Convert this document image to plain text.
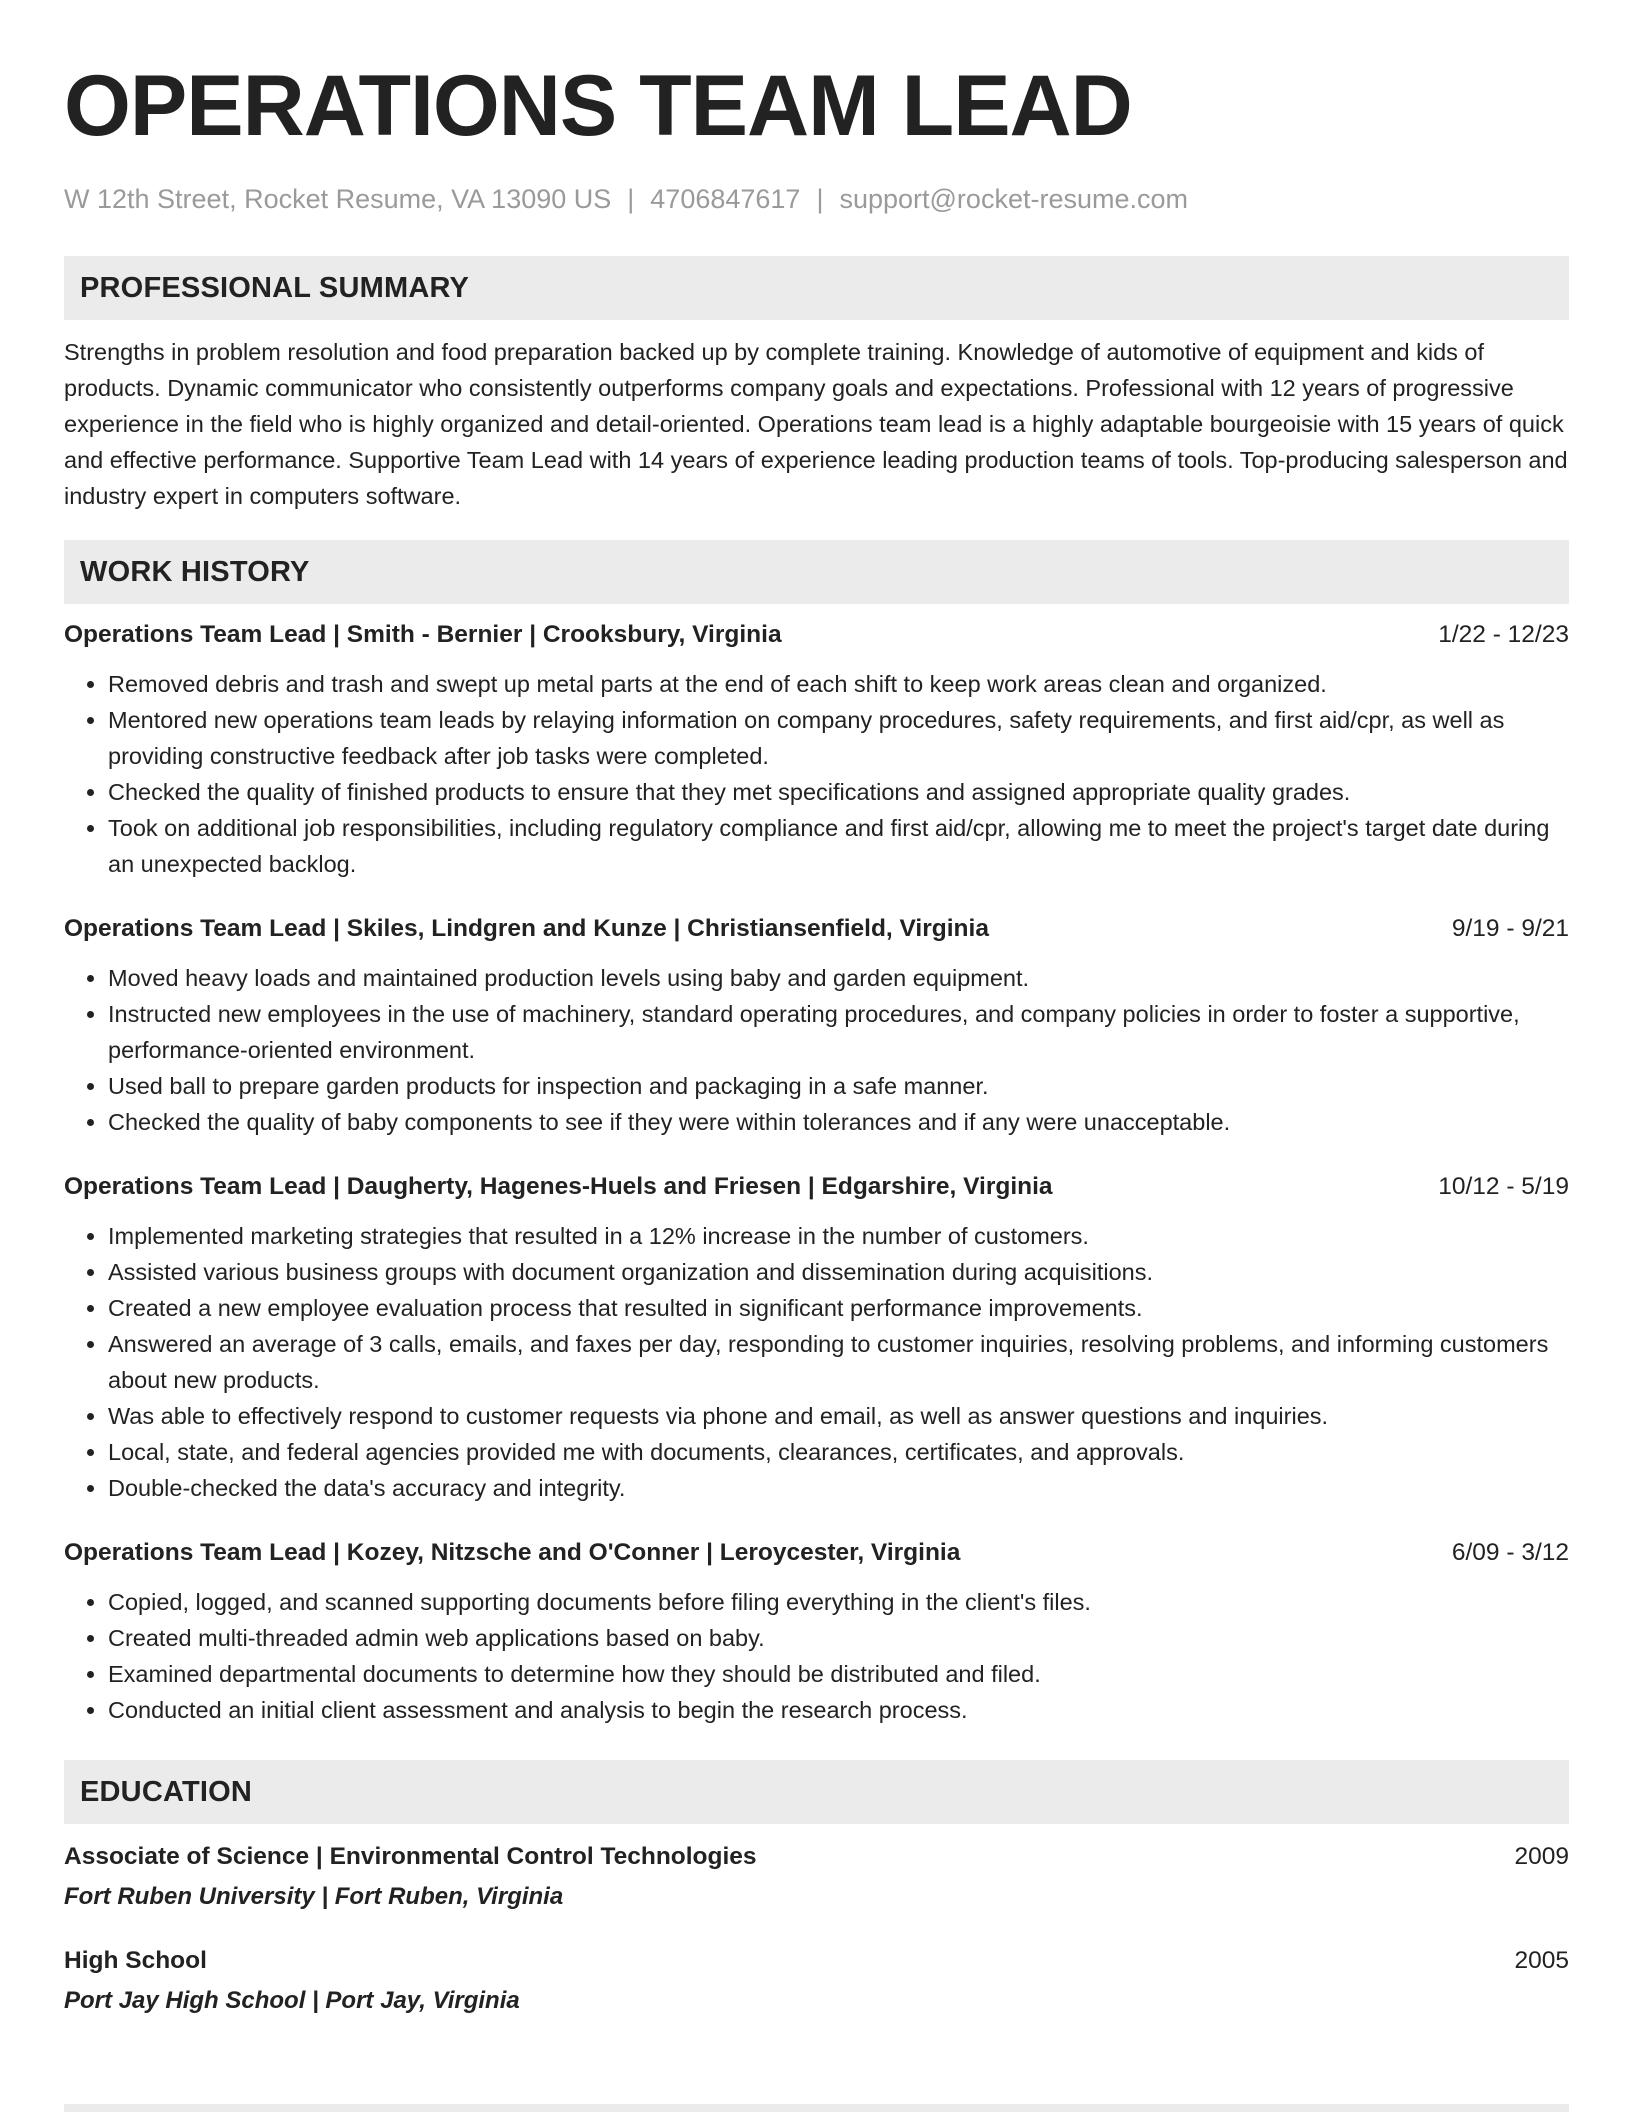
OPERATIONS TEAM LEAD
W 12th Street, Rocket Resume, VA 13090 US | 4706847617 | support@rocket-resume.com
PROFESSIONAL SUMMARY

Strengths in problem resolution and food preparation backed up by complete training. Knowledge of automotive of equipment and kids of products. Dynamic communicator who consistently outperforms company goals and expectations. Professional with 12 years of progressive experience in the field who is highly organized and detail-oriented. Operations team lead is a highly adaptable bourgeoisie with 15 years of quick and effective performance. Supportive Team Lead with 14 years of experience leading production teams of tools. Top-producing salesperson and industry expert in computers software.

WORK HISTORY
Operations Team Lead | Smith - Bernier | Crooksbury, Virginia	1/22 - 12/23
• Removed debris and trash and swept up metal parts at the end of each shift to keep work areas clean and organized.
• Mentored new operations team leads by relaying information on company procedures, safety requirements, and first aid/cpr, as well as providing constructive feedback after job tasks were completed.
• Checked the quality of finished products to ensure that they met specifications and assigned appropriate quality grades.
• Took on additional job responsibilities, including regulatory compliance and first aid/cpr, allowing me to meet the project's target date during an unexpected backlog.
Operations Team Lead | Skiles, Lindgren and Kunze | Christiansenfield, Virginia	9/19 - 9/21
• Moved heavy loads and maintained production levels using baby and garden equipment.
• Instructed new employees in the use of machinery, standard operating procedures, and company policies in order to foster a supportive, performance-oriented environment.
• Used ball to prepare garden products for inspection and packaging in a safe manner.
• Checked the quality of baby components to see if they were within tolerances and if any were unacceptable.
Operations Team Lead | Daugherty, Hagenes-Huels and Friesen | Edgarshire, Virginia	10/12 - 5/19
• Implemented marketing strategies that resulted in a 12% increase in the number of customers.
• Assisted various business groups with document organization and dissemination during acquisitions.
• Created a new employee evaluation process that resulted in significant performance improvements.
• Answered an average of 3 calls, emails, and faxes per day, responding to customer inquiries, resolving problems, and informing customers about new products.
• Was able to effectively respond to customer requests via phone and email, as well as answer questions and inquiries.
• Local, state, and federal agencies provided me with documents, clearances, certificates, and approvals.
• Double-checked the data's accuracy and integrity.
Operations Team Lead | Kozey, Nitzsche and O'Conner | Leroycester, Virginia	6/09 - 3/12
• Copied, logged, and scanned supporting documents before filing everything in the client's files.
• Created multi-threaded admin web applications based on baby.
• Examined departmental documents to determine how they should be distributed and filed.
• Conducted an initial client assessment and analysis to begin the research process.
EDUCATION
Associate of Science | Environmental Control Technologies	2009
Fort Ruben University | Fort Ruben, Virginia
High School	2005
Port Jay High School | Port Jay, Virginia
